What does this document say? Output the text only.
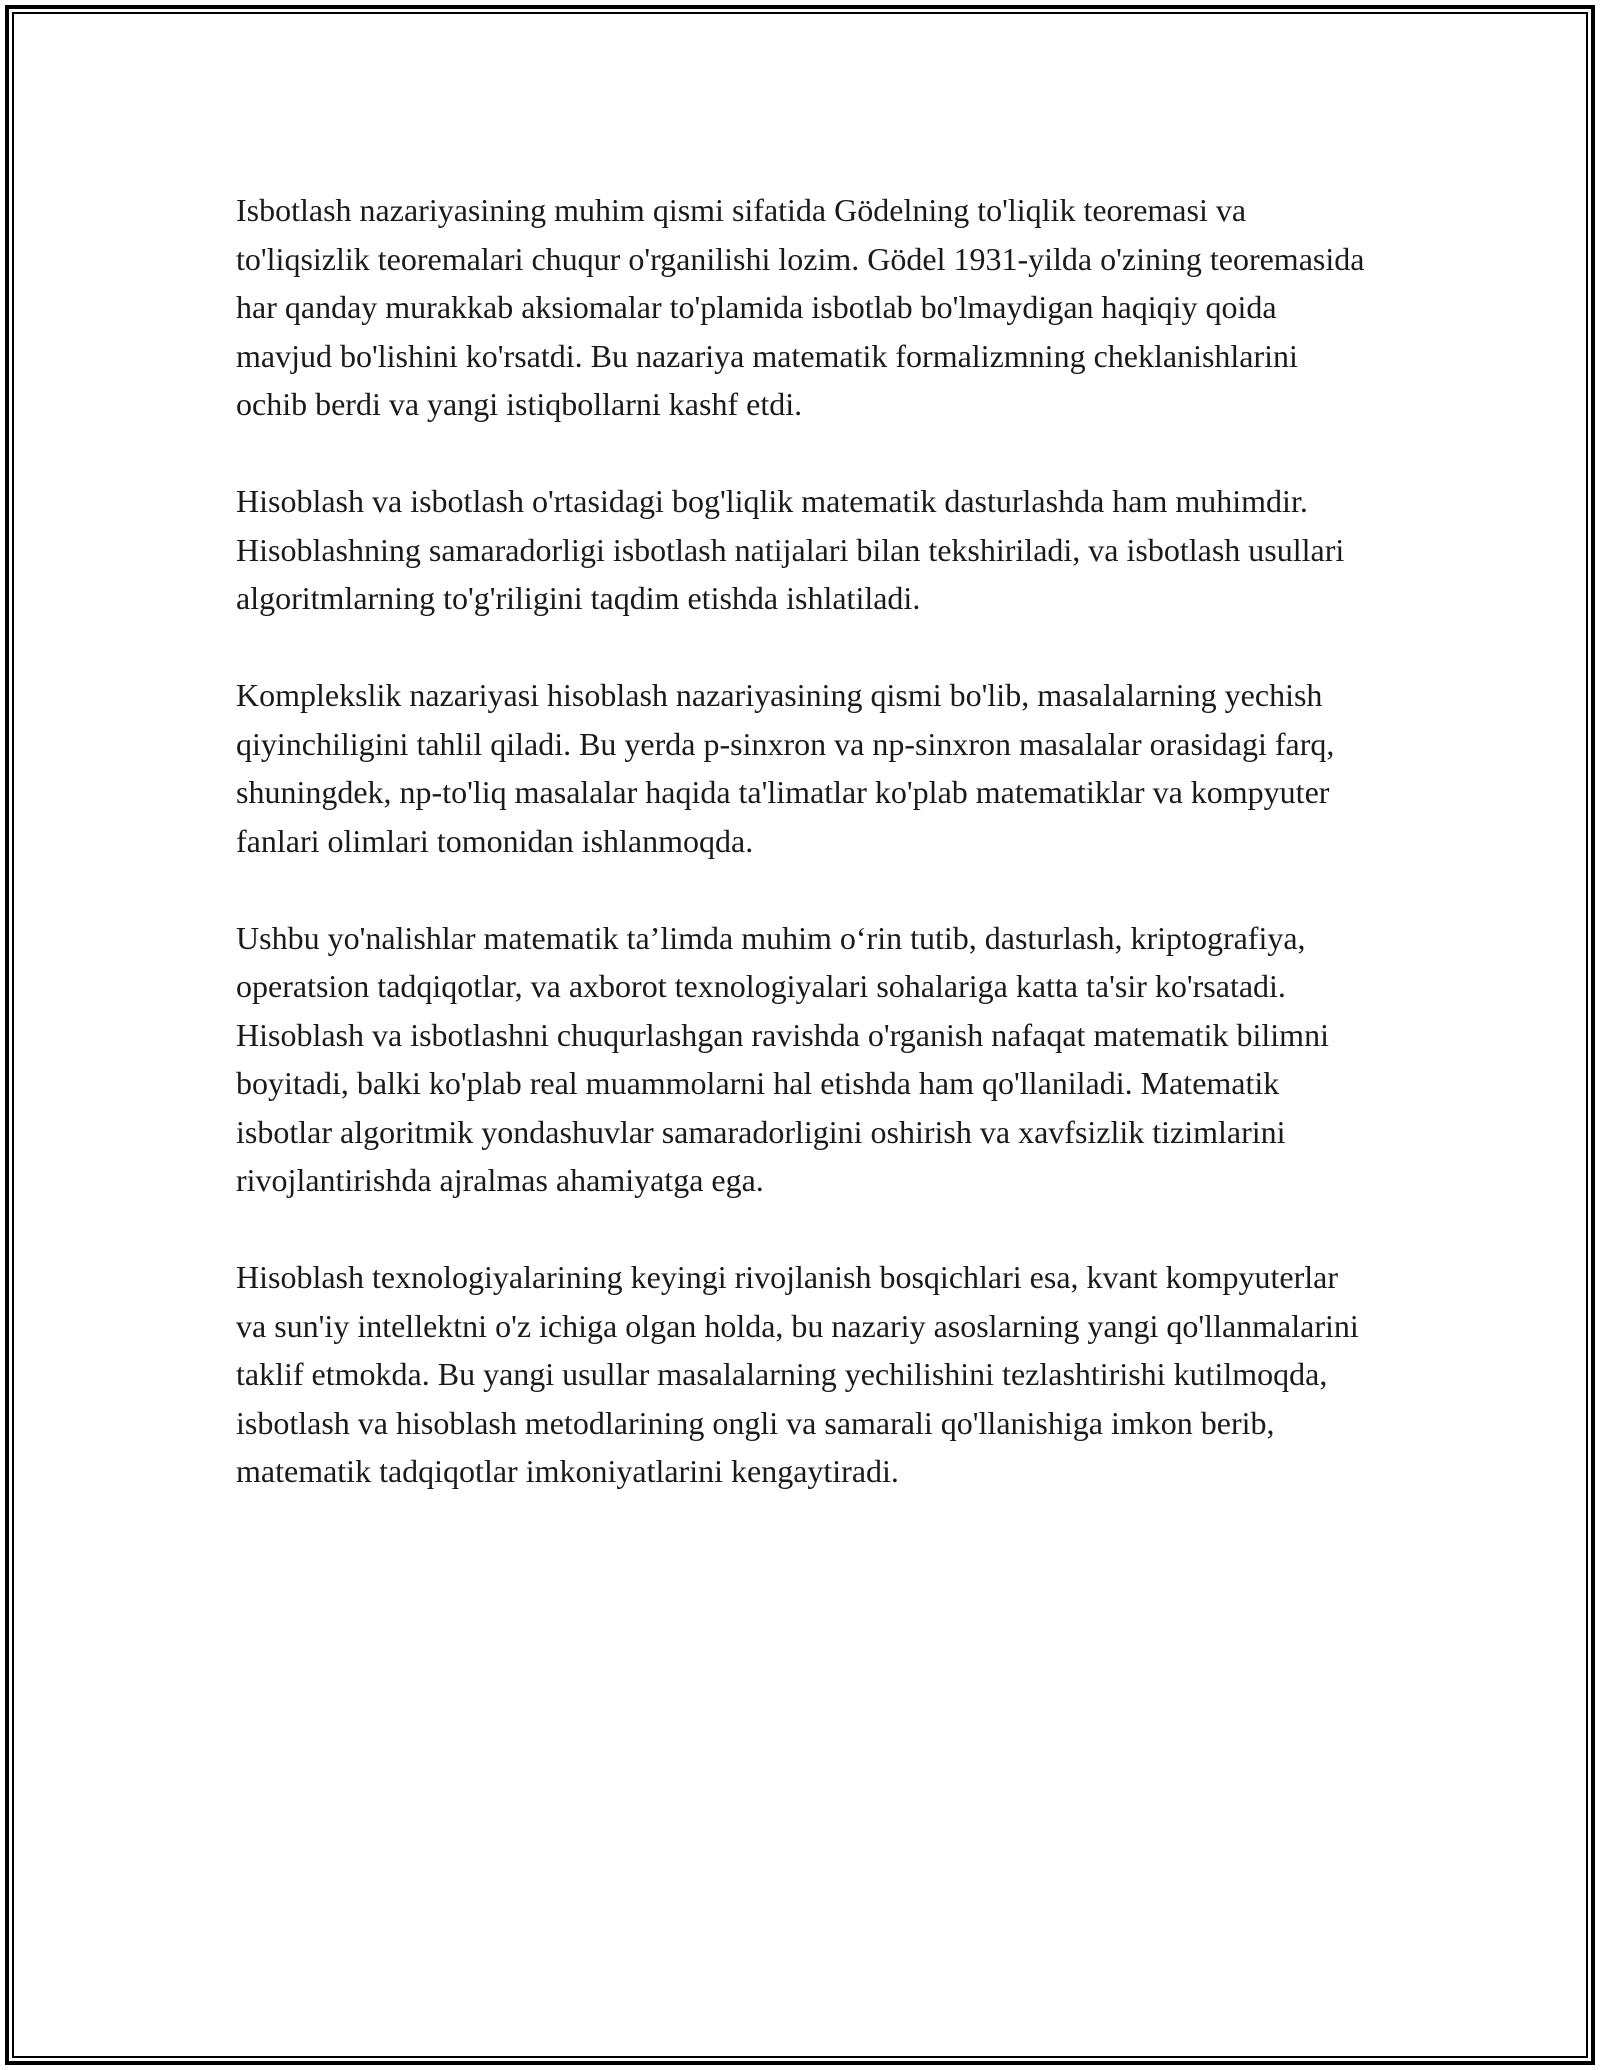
Isbotlash nazariyasining muhim qismi sifatida Gödelning to'liqlik teoremasi va to'liqsizlik teoremalari chuqur o'rganilishi lozim. Gödel 1931-yilda o'zining teoremasida har qanday murakkab aksiomalar to'plamida isbotlab bo'lmaydigan haqiqiy qoida mavjud bo'lishini ko'rsatdi. Bu nazariya matematik formalizmning cheklanishlarini ochib berdi va yangi istiqbollarni kashf etdi.

Hisoblash va isbotlash o'rtasidagi bog'liqlik matematik dasturlashda ham muhimdir. Hisoblashning samaradorligi isbotlash natijalari bilan tekshiriladi, va isbotlash usullari algoritmlarning to'g'riligini taqdim etishda ishlatiladi.

Komplekslik nazariyasi hisoblash nazariyasining qismi bo'lib, masalalarning yechish qiyinchiligini tahlil qiladi. Bu yerda p-sinxron va np-sinxron masalalar orasidagi farq, shuningdek, np-to'liq masalalar haqida ta'limatlar ko'plab matematiklar va kompyuter fanlari olimlari tomonidan ishlanmoqda.

Ushbu yo'nalishlar matematik ta’limda muhim o‘rin tutib, dasturlash, kriptografiya, operatsion tadqiqotlar, va axborot texnologiyalari sohalariga katta ta'sir ko'rsatadi. Hisoblash va isbotlashni chuqurlashgan ravishda o'rganish nafaqat matematik bilimni boyitadi, balki ko'plab real muammolarni hal etishda ham qo'llaniladi. Matematik isbotlar algoritmik yondashuvlar samaradorligini oshirish va xavfsizlik tizimlarini rivojlantirishda ajralmas ahamiyatga ega.

Hisoblash texnologiyalarining keyingi rivojlanish bosqichlari esa, kvant kompyuterlar va sun'iy intellektni o'z ichiga olgan holda, bu nazariy asoslarning yangi qo'llanmalarini taklif etmokda. Bu yangi usullar masalalarning yechilishini tezlashtirishi kutilmoqda, isbotlash va hisoblash metodlarining ongli va samarali qo'llanishiga imkon berib, matematik tadqiqotlar imkoniyatlarini kengaytiradi.
